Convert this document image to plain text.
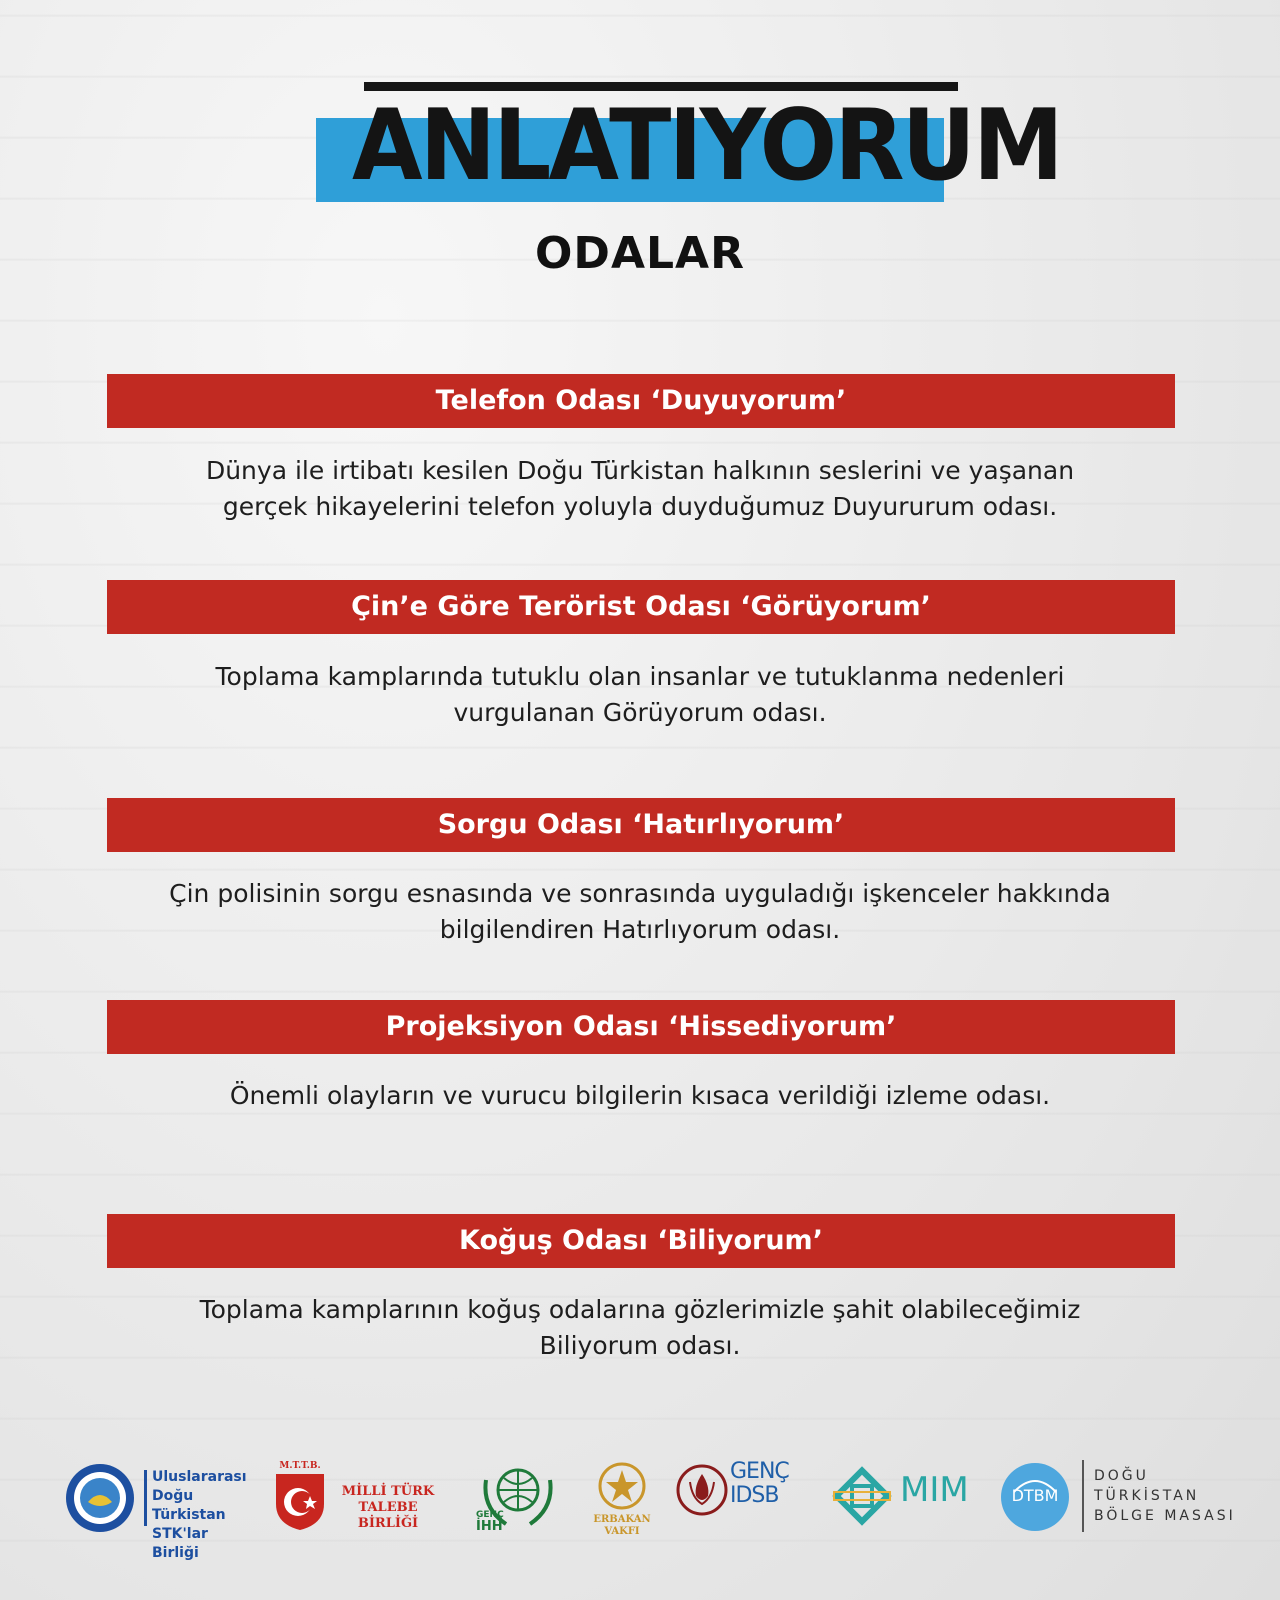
ANLATIYORUM
ODALAR
Telefon Odası ‘Duyuyorum’
Dünya ile irtibatı kesilen Doğu Türkistan halkının seslerini ve yaşanan
gerçek hikayelerini telefon yoluyla duyduğumuz Duyururum odası.
Çin’e Göre Terörist Odası ‘Görüyorum’
Toplama kamplarında tutuklu olan insanlar ve tutuklanma nedenleri
vurgulanan Görüyorum odası.
Sorgu Odası ‘Hatırlıyorum’
Çin polisinin sorgu esnasında ve sonrasında uyguladığı işkenceler hakkında
bilgilendiren Hatırlıyorum odası.
Projeksiyon Odası ‘Hissediyorum’
Önemli olayların ve vurucu bilgilerin kısaca verildiği izleme odası.
Koğuş Odası ‘Biliyorum’
Toplama kamplarının koğuş odalarına gözlerimizle şahit olabileceğimiz
Biliyorum odası.
Uluslararası
Doğu Türkistan
STK'lar Birliği
M.T.T.B.
MİLLİ TÜRK
TALEBE BİRLİĞİ
GENÇ
İHH	ERBAKAN
VAKFI
GENÇ
IDSB	MIM	DTBM
DOĞU
TÜRKİSTAN
BÖLGE MASASI
